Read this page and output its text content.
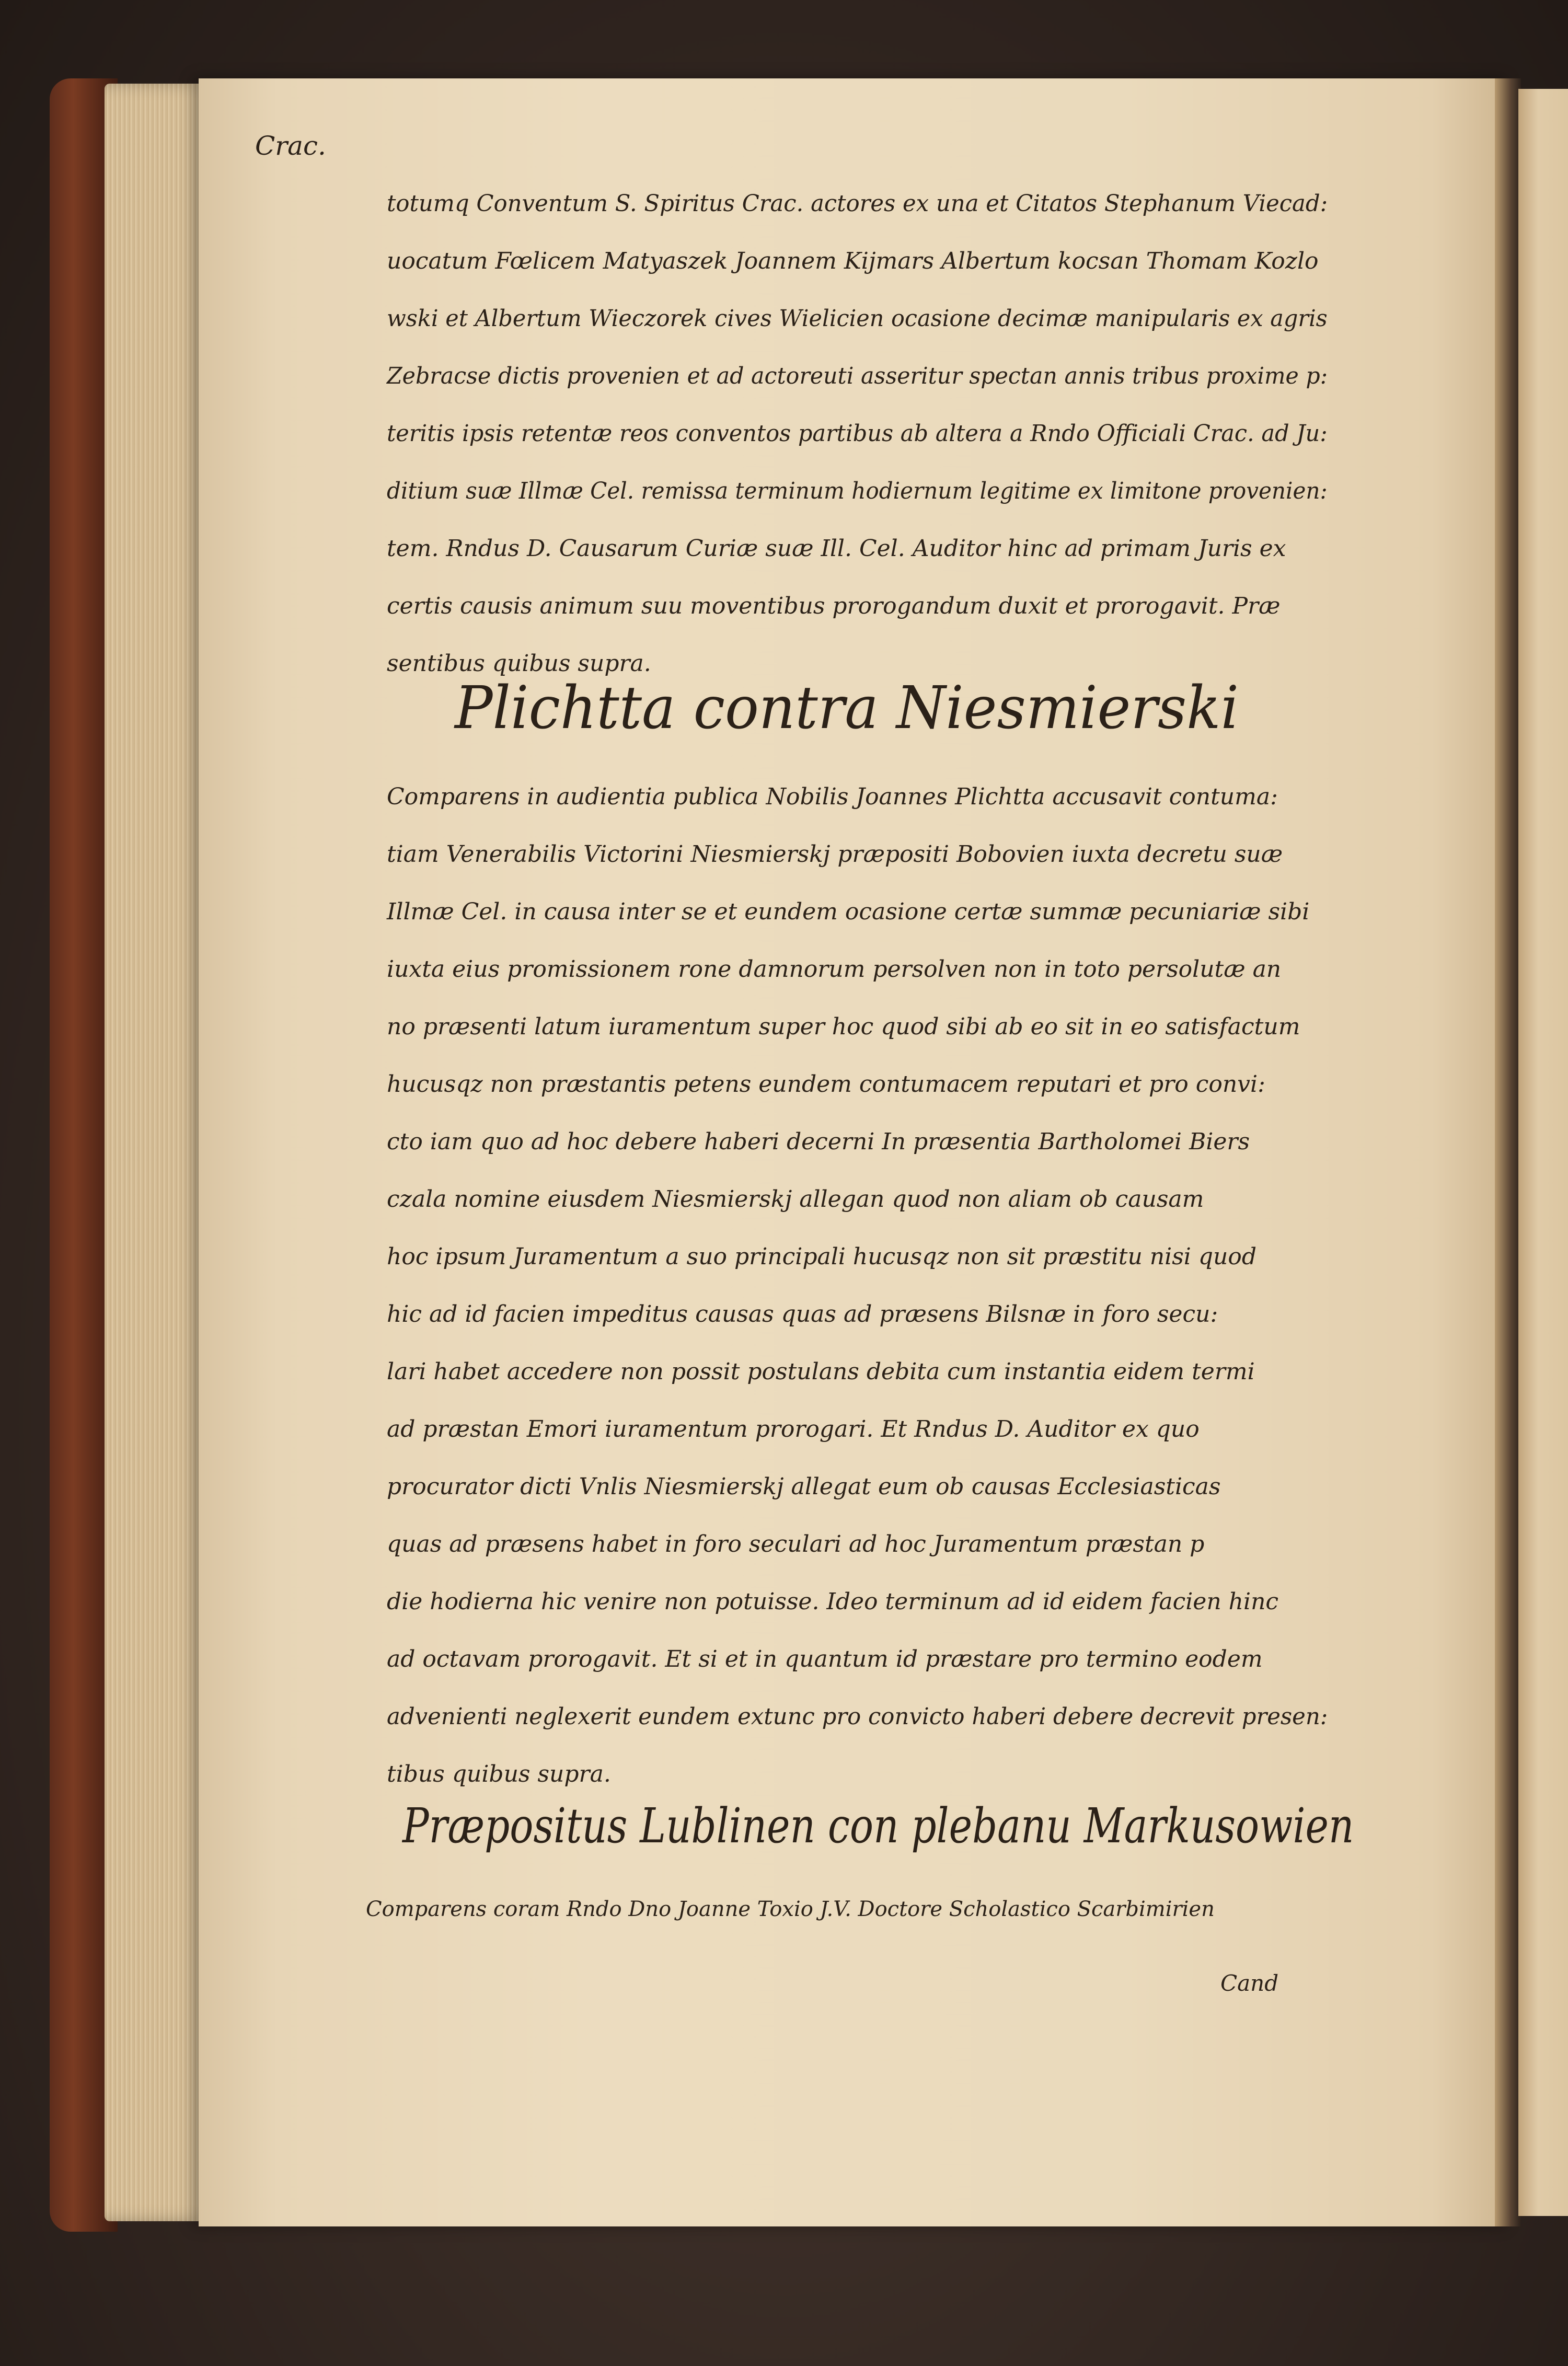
Crac.
totumq Conventum S. Spiritus Crac. actores ex una et Citatos Stephanum Viecad:
uocatum Fœlicem Matyaszek Joannem Kijmars Albertum kocsan Thomam Kozlo
wski et Albertum Wieczorek cives Wielicien ocasione decimæ manipularis ex agris
Zebracse dictis provenien et ad actoreuti asseritur spectan annis tribus proxime p:
teritis ipsis retentæ reos conventos partibus ab altera a Rndo Officiali Crac. ad Ju:
ditium suæ Illmæ Cel. remissa terminum hodiernum legitime ex limitone provenien:
tem. Rndus D. Causarum Curiæ suæ Ill. Cel. Auditor hinc ad primam Juris ex
certis causis animum suu moventibus prorogandum duxit et prorogavit. Præ
sentibus quibus supra.
Plichtta contra Niesmierski
Comparens in audientia publica Nobilis Joannes Plichtta accusavit contuma:
tiam Venerabilis Victorini Niesmierskj præpositi Bobovien iuxta decretu suæ
Illmæ Cel. in causa inter se et eundem ocasione certæ summæ pecuniariæ sibi
iuxta eius promissionem rone damnorum persolven non in toto persolutæ an
no præsenti latum iuramentum super hoc quod sibi ab eo sit in eo satisfactum
hucusqz non præstantis petens eundem contumacem reputari et pro convi:
cto iam quo ad hoc debere haberi decerni In præsentia Bartholomei Biers
czala nomine eiusdem Niesmierskj allegan quod non aliam ob causam
hoc ipsum Juramentum a suo principali hucusqz non sit præstitu nisi quod
hic ad id facien impeditus causas quas ad præsens Bilsnæ in foro secu:
lari habet accedere non possit postulans debita cum instantia eidem termi
ad præstan Emori iuramentum prorogari. Et Rndus D. Auditor ex quo
procurator dicti Vnlis Niesmierskj allegat eum ob causas Ecclesiasticas
quas ad præsens habet in foro seculari ad hoc Juramentum præstan p
die hodierna hic venire non potuisse. Ideo terminum ad id eidem facien hinc
ad octavam prorogavit. Et si et in quantum id præstare pro termino eodem
advenienti neglexerit eundem extunc pro convicto haberi debere decrevit presen:
tibus quibus supra.
Præpositus Lublinen con plebanu Markusowien
Comparens coram Rndo Dno Joanne Toxio J.V. Doctore Scholastico Scarbimirien
Cand
